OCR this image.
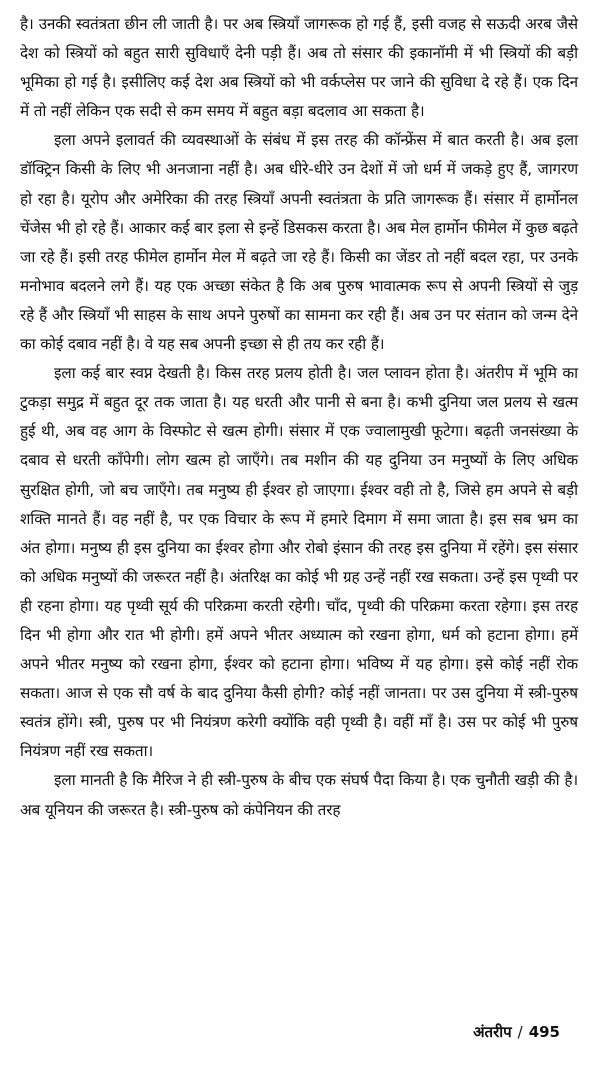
है। उनकी स्वतंत्रता छीन ली जाती है। पर अब स्त्रियाँ जागरूक हो गई हैं, इसी वजह से सऊदी अरब जैसे देश को स्त्रियों को बहुत सारी सुविधाएँ देनी पड़ी हैं। अब तो संसार की इकानॉमी में भी स्त्रियों की बड़ी भूमिका हो गई है। इसीलिए कई देश अब स्त्रियों को भी वर्कप्लेस पर जाने की सुविधा दे रहे हैं। एक दिन में तो नहीं लेकिन एक सदी से कम समय में बहुत बड़ा बदलाव आ सकता है।

इला अपने इलावर्त की व्यवस्थाओं के संबंध में इस तरह की कॉन्फ्रेंस में बात करती है। अब इला डॉक्ट्रिन किसी के लिए भी अनजाना नहीं है। अब धीरे-धीरे उन देशों में जो धर्म में जकड़े हुए हैं, जागरण हो रहा है। यूरोप और अमेरिका की तरह स्त्रियाँ अपनी स्वतंत्रता के प्रति जागरूक हैं। संसार में हार्मोनल चेंजेस भी हो रहे हैं। आकार कई बार इला से इन्हें डिसकस करता है। अब मेल हार्मोन फीमेल में कुछ बढ़ते जा रहे हैं। इसी तरह फीमेल हार्मोन मेल में बढ़ते जा रहे हैं। किसी का जेंडर तो नहीं बदल रहा, पर उनके मनोभाव बदलने लगे हैं। यह एक अच्छा संकेत है कि अब पुरुष भावात्मक रूप से अपनी स्त्रियों से जुड़ रहे हैं और स्त्रियाँ भी साहस के साथ अपने पुरुषों का सामना कर रही हैं। अब उन पर संतान को जन्म देने का कोई दबाव नहीं है। वे यह सब अपनी इच्छा से ही तय कर रही हैं।

इला कई बार स्वप्न देखती है। किस तरह प्रलय होती है। जल प्लावन होता है। अंतरीप में भूमि का टुकड़ा समुद्र में बहुत दूर तक जाता है। यह धरती और पानी से बना है। कभी दुनिया जल प्रलय से खत्म हुई थी, अब वह आग के विस्फोट से खत्म होगी। संसार में एक ज्वालामुखी फूटेगा। बढ़ती जनसंख्या के दबाव से धरती काँपेगी। लोग खत्म हो जाएँगे। तब मशीन की यह दुनिया उन मनुष्यों के लिए अधिक सुरक्षित होगी, जो बच जाएँगे। तब मनुष्य ही ईश्वर हो जाएगा। ईश्वर वही तो है, जिसे हम अपने से बड़ी शक्ति मानते हैं। वह नहीं है, पर एक विचार के रूप में हमारे दिमाग में समा जाता है। इस सब भ्रम का अंत होगा। मनुष्य ही इस दुनिया का ईश्वर होगा और रोबो इंसान की तरह इस दुनिया में रहेंगे। इस संसार को अधिक मनुष्यों की जरूरत नहीं है। अंतरिक्ष का कोई भी ग्रह उन्हें नहीं रख सकता। उन्हें इस पृथ्वी पर ही रहना होगा। यह पृथ्वी सूर्य की परिक्रमा करती रहेगी। चाँद, पृथ्वी की परिक्रमा करता रहेगा। इस तरह दिन भी होगा और रात भी होगी। हमें अपने भीतर अध्यात्म को रखना होगा, धर्म को हटाना होगा। हमें अपने भीतर मनुष्य को रखना होगा, ईश्वर को हटाना होगा। भविष्य में यह होगा। इसे कोई नहीं रोक सकता। आज से एक सौ वर्ष के बाद दुनिया कैसी होगी? कोई नहीं जानता। पर उस दुनिया में स्त्री-पुरुष स्वतंत्र होंगे। स्त्री, पुरुष पर भी नियंत्रण करेगी क्योंकि वही पृथ्वी है। वहीं माँ है। उस पर कोई भी पुरुष नियंत्रण नहीं रख सकता।

इला मानती है कि मैरिज ने ही स्त्री-पुरुष के बीच एक संघर्ष पैदा किया है। एक चुनौती खड़ी की है। अब यूनियन की जरूरत है। स्त्री-पुरुष को कंपेनियन की तरह

अंतरीप / 495
